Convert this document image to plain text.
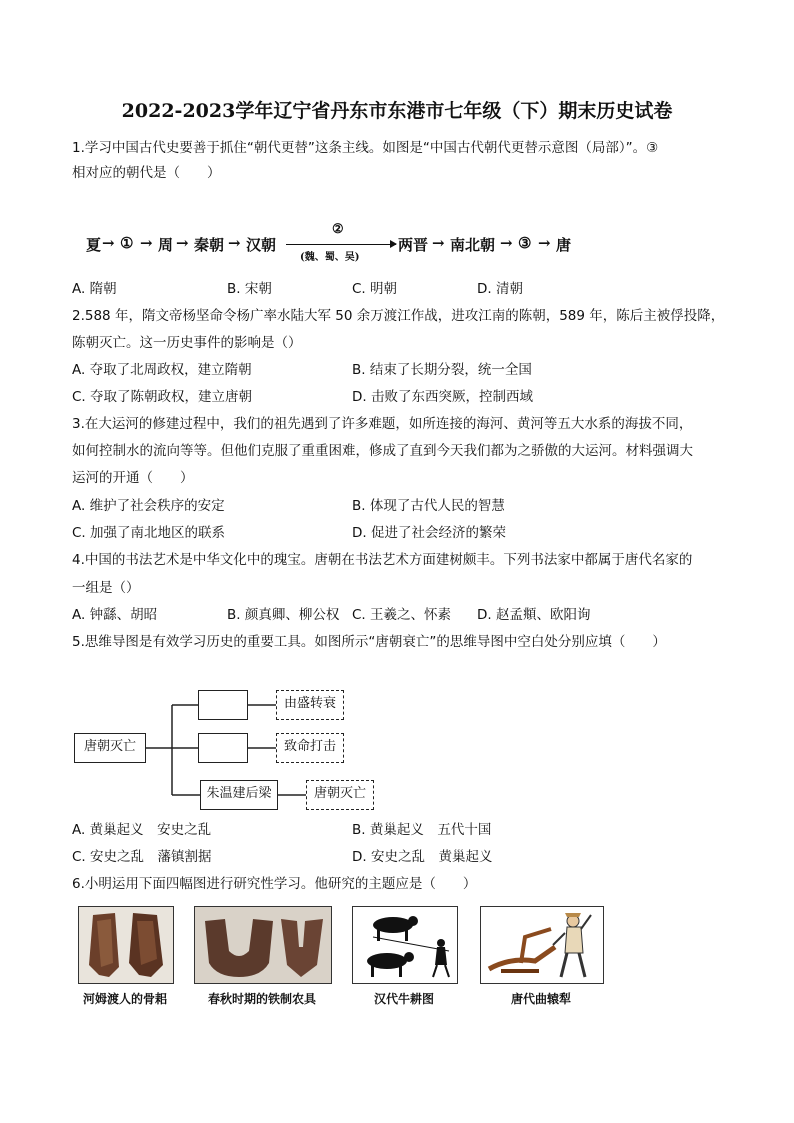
2022-2023学年辽宁省丹东市东港市七年级（下）期末历史试卷
1.学习中国古代史要善于抓住“朝代更替”这条主线。如图是“中国古代朝代更替示意图（局部）”。③
相对应的朝代是（　　）
夏 → ① → 周 → 秦朝 → 汉朝
②
(魏、蜀、吴)
两晋 → 南北朝 → ③ → 唐
A. 隋朝	B. 宋朝	C. 明朝	D. 清朝
2.588 年，隋文帝杨坚命令杨广率水陆大军 50 余万渡江作战，进攻江南的陈朝，589 年，陈后主被俘投降，
陈朝灭亡。这一历史事件的影响是（）
A. 夺取了北周政权，建立隋朝	B. 结束了长期分裂，统一全国
C. 夺取了陈朝政权，建立唐朝	D. 击败了东西突厥，控制西域
3.在大运河的修建过程中，我们的祖先遇到了许多难题，如所连接的海河、黄河等五大水系的海拔不同，
如何控制水的流向等等。但他们克服了重重困难，修成了直到今天我们都为之骄傲的大运河。材料强调大
运河的开通（　　）
A. 维护了社会秩序的安定	B. 体现了古代人民的智慧
C. 加强了南北地区的联系	D. 促进了社会经济的繁荣
4.中国的书法艺术是中华文化中的瑰宝。唐朝在书法艺术方面建树颇丰。下列书法家中都属于唐代名家的
一组是（）
A. 钟繇、胡昭	B. 颜真卿、柳公权 C. 王羲之、怀素 D. 赵孟頫、欧阳询
5.思维导图是有效学习历史的重要工具。如图所示“唐朝衰亡”的思维导图中空白处分别应填（　　）
唐朝灭亡
朱温建后梁
由盛转衰
致命打击
唐朝灭亡
A. 黄巢起义　安史之乱	B. 黄巢起义　五代十国
C. 安史之乱　藩镇割据	D. 安史之乱　黄巢起义
6.小明运用下面四幅图进行研究性学习。他研究的主题应是（　　）
河姆渡人的骨耜	春秋时期的铁制农具	汉代牛耕图	唐代曲辕犁
